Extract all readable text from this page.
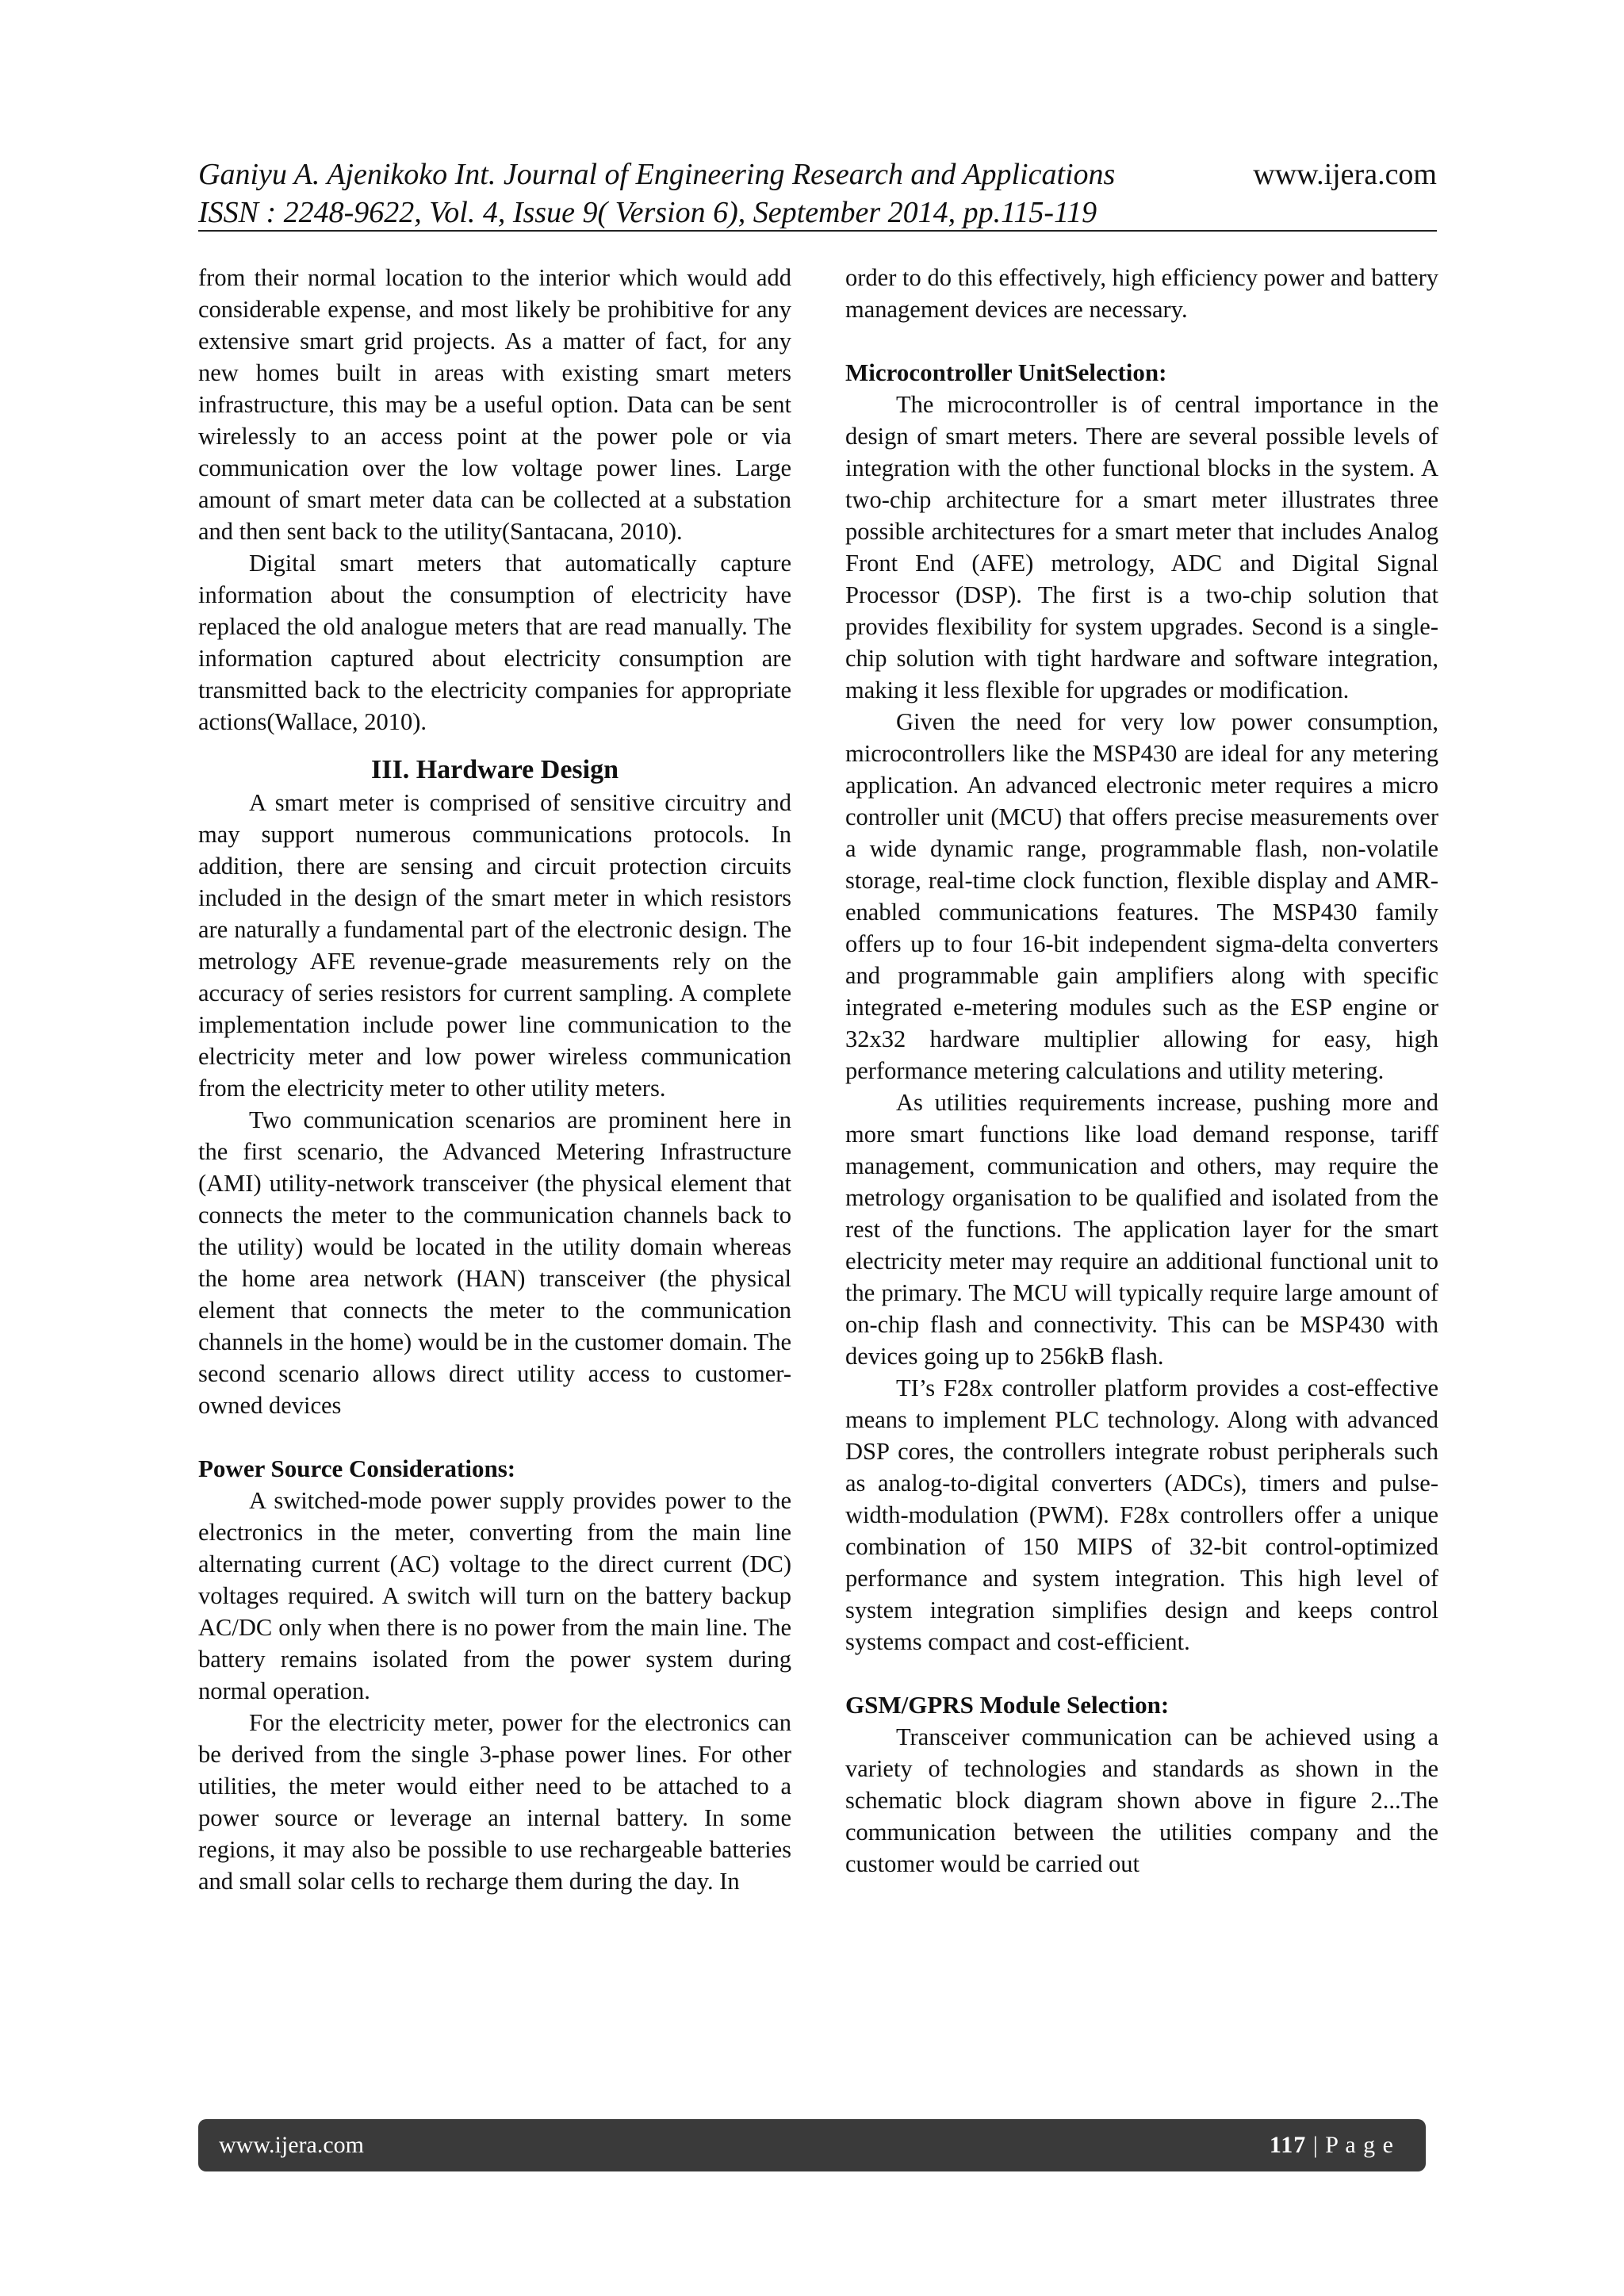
Ganiyu A. Ajenikoko Int. Journal of Engineering Research and Applications
ISSN : 2248-9622, Vol. 4, Issue 9( Version 6), September 2014, pp.115-119
www.ijera.com

from their normal location to the interior which would add considerable expense, and most likely be prohibitive for any extensive smart grid projects. As a matter of fact, for any new homes built in areas with existing smart meters infrastructure, this may be a useful option. Data can be sent wirelessly to an access point at the power pole or via communication over the low voltage power lines. Large amount of smart meter data can be collected at a substation and then sent back to the utility(Santacana, 2010).

Digital smart meters that automatically capture information about the consumption of electricity have replaced the old analogue meters that are read manually. The information captured about electricity consumption are transmitted back to the electricity companies for appropriate actions(Wallace, 2010).

III. Hardware Design

A smart meter is comprised of sensitive circuitry and may support numerous communications protocols. In addition, there are sensing and circuit protection circuits included in the design of the smart meter in which resistors are naturally a fundamental part of the electronic design. The metrology AFE revenue-grade measurements rely on the accuracy of series resistors for current sampling. A complete implementation include power line communication to the electricity meter and low power wireless communication from the electricity meter to other utility meters.

Two communication scenarios are prominent here in the first scenario, the Advanced Metering Infrastructure (AMI) utility-network transceiver (the physical element that connects the meter to the communication channels back to the utility) would be located in the utility domain whereas the home area network (HAN) transceiver (the physical element that connects the meter to the communication channels in the home) would be in the customer domain. The second scenario allows direct utility access to customer-owned devices

Power Source Considerations:

A switched-mode power supply provides power to the electronics in the meter, converting from the main line alternating current (AC) voltage to the direct current (DC) voltages required. A switch will turn on the battery backup AC/DC only when there is no power from the main line. The battery remains isolated from the power system during normal operation.

For the electricity meter, power for the electronics can be derived from the single 3-phase power lines. For other utilities, the meter would either need to be attached to a power source or leverage an internal battery. In some regions, it may also be possible to use rechargeable batteries and small solar cells to recharge them during the day. In

order to do this effectively, high efficiency power and battery management devices are necessary.

Microcontroller UnitSelection:

The microcontroller is of central importance in the design of smart meters. There are several possible levels of integration with the other functional blocks in the system. A two-chip architecture for a smart meter illustrates three possible architectures for a smart meter that includes Analog Front End (AFE) metrology, ADC and Digital Signal Processor (DSP). The first is a two-chip solution that provides flexibility for system upgrades. Second is a single-chip solution with tight hardware and software integration, making it less flexible for upgrades or modification.

Given the need for very low power consumption, microcontrollers like the MSP430 are ideal for any metering application. An advanced electronic meter requires a micro controller unit (MCU) that offers precise measurements over a wide dynamic range, programmable flash, non-volatile storage, real-time clock function, flexible display and AMR-enabled communications features. The MSP430 family offers up to four 16-bit independent sigma-delta converters and programmable gain amplifiers along with specific integrated e-metering modules such as the ESP engine or 32x32 hardware multiplier allowing for easy, high performance metering calculations and utility metering.

As utilities requirements increase, pushing more and more smart functions like load demand response, tariff management, communication and others, may require the metrology organisation to be qualified and isolated from the rest of the functions. The application layer for the smart electricity meter may require an additional functional unit to the primary. The MCU will typically require large amount of on-chip flash and connectivity. This can be MSP430 with devices going up to 256kB flash.

TI’s F28x controller platform provides a cost-effective means to implement PLC technology. Along with advanced DSP cores, the controllers integrate robust peripherals such as analog-to-digital converters (ADCs), timers and pulse-width-modulation (PWM). F28x controllers offer a unique combination of 150 MIPS of 32-bit control-optimized performance and system integration. This high level of system integration simplifies design and keeps control systems compact and cost-efficient.

GSM/GPRS Module Selection:

Transceiver communication can be achieved using a variety of technologies and standards as shown in the schematic block diagram shown above in figure 2...The communication between the utilities company and the customer would be carried out

www.ijera.com	117 | P a g e
